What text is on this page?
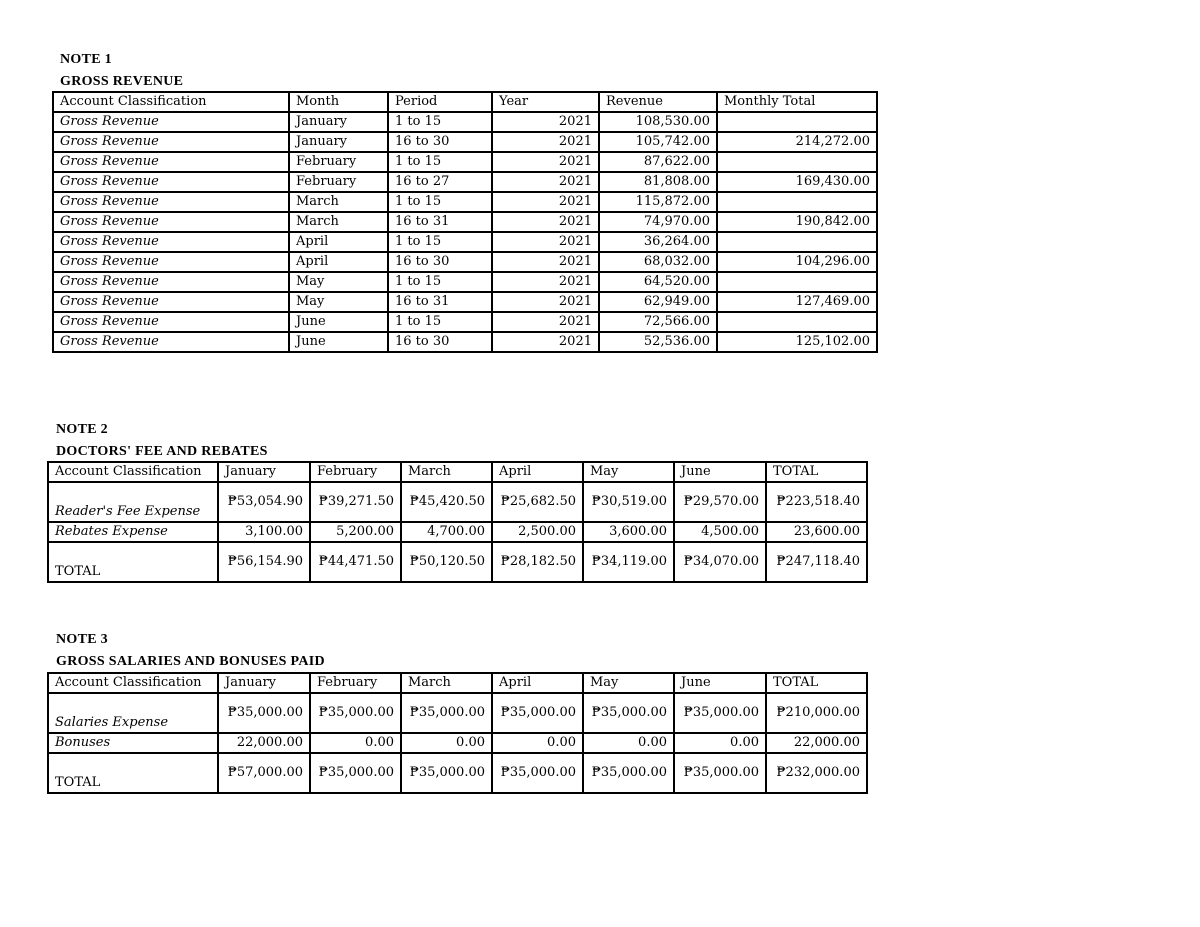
NOTE 1

GROSS REVENUE

Account Classification	Month	Period	Year	Revenue	Monthly Total
Gross Revenue	January	1 to 15	2021	108,530.00	
Gross Revenue	January	16 to 30	2021	105,742.00	214,272.00
Gross Revenue	February	1 to 15	2021	87,622.00	
Gross Revenue	February	16 to 27	2021	81,808.00	169,430.00
Gross Revenue	March	1 to 15	2021	115,872.00	
Gross Revenue	March	16 to 31	2021	74,970.00	190,842.00
Gross Revenue	April	1 to 15	2021	36,264.00	
Gross Revenue	April	16 to 30	2021	68,032.00	104,296.00
Gross Revenue	May	1 to 15	2021	64,520.00	
Gross Revenue	May	16 to 31	2021	62,949.00	127,469.00
Gross Revenue	June	1 to 15	2021	72,566.00	
Gross Revenue	June	16 to 30	2021	52,536.00	125,102.00

NOTE 2

DOCTORS' FEE AND REBATES

Account Classification	January	February	March	April	May	June	TOTAL
Reader's Fee Expense	₱53,054.90	₱39,271.50	₱45,420.50	₱25,682.50	₱30,519.00	₱29,570.00	₱223,518.40
Rebates Expense	3,100.00	5,200.00	4,700.00	2,500.00	3,600.00	4,500.00	23,600.00
TOTAL	₱56,154.90	₱44,471.50	₱50,120.50	₱28,182.50	₱34,119.00	₱34,070.00	₱247,118.40

NOTE 3

GROSS SALARIES AND BONUSES PAID

Account Classification	January	February	March	April	May	June	TOTAL
Salaries Expense	₱35,000.00	₱35,000.00	₱35,000.00	₱35,000.00	₱35,000.00	₱35,000.00	₱210,000.00
Bonuses	22,000.00	0.00	0.00	0.00	0.00	0.00	22,000.00
TOTAL	₱57,000.00	₱35,000.00	₱35,000.00	₱35,000.00	₱35,000.00	₱35,000.00	₱232,000.00
